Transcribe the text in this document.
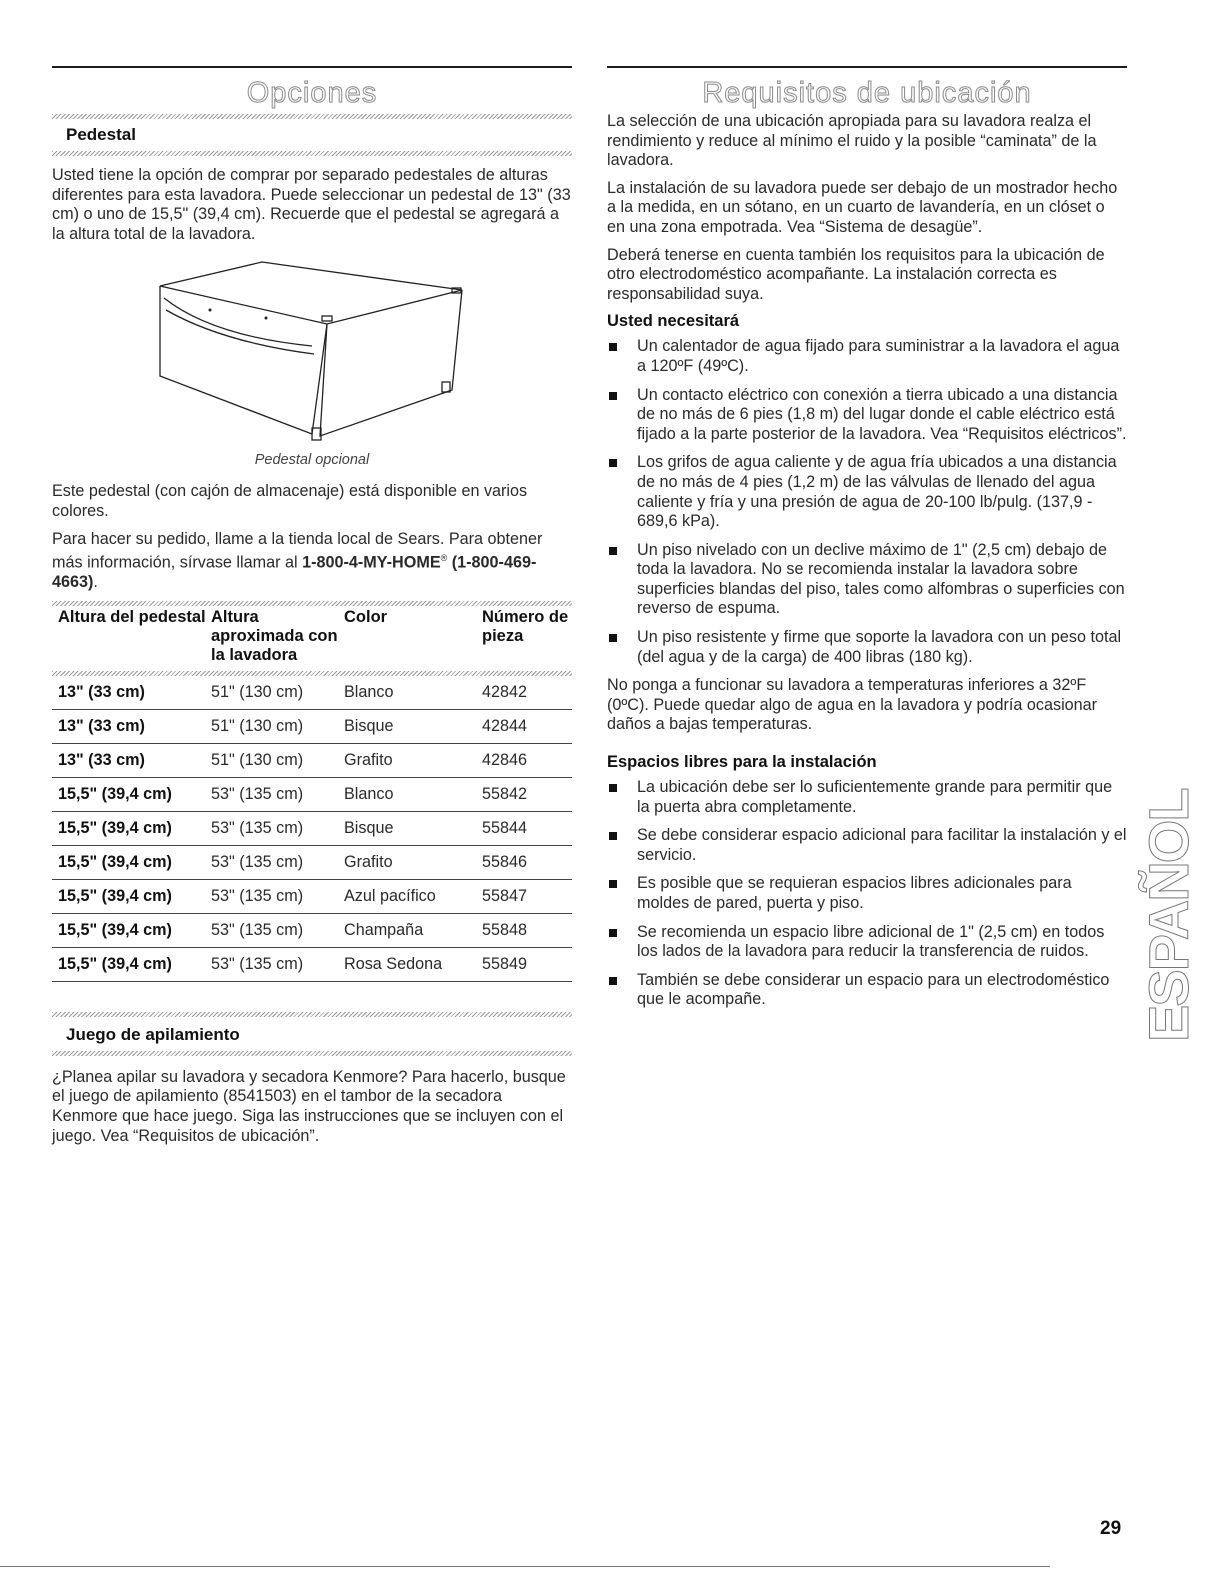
Opciones
Pedestal

Usted tiene la opción de comprar por separado pedestales de alturas diferentes para esta lavadora. Puede seleccionar un pedestal de 13" (33 cm) o uno de 15,5" (39,4 cm). Recuerde que el pedestal se agregará a la altura total de la lavadora.

Pedestal opcional

Este pedestal (con cajón de almacenaje) está disponible en varios colores.

Para hacer su pedido, llame a la tienda local de Sears. Para obtener más información, sírvase llamar al 1-800-4-MY-HOME® (1-800-469-4663).

Altura del pedestal	Altura aproximada con la lavadora	Color	Número de pieza

13" (33 cm)	51" (130 cm)	Blanco	42842
13" (33 cm)	51" (130 cm)	Bisque	42844
13" (33 cm)	51" (130 cm)	Grafito	42846
15,5" (39,4 cm)	53" (135 cm)	Blanco	55842
15,5" (39,4 cm)	53" (135 cm)	Bisque	55844
15,5" (39,4 cm)	53" (135 cm)	Grafito	55846
15,5" (39,4 cm)	53" (135 cm)	Azul pacífico	55847
15,5" (39,4 cm)	53" (135 cm)	Champaña	55848
15,5" (39,4 cm)	53" (135 cm)	Rosa Sedona	55849
Juego de apilamiento

¿Planea apilar su lavadora y secadora Kenmore? Para hacerlo, busque el juego de apilamiento (8541503) en el tambor de la secadora Kenmore que hace juego. Siga las instrucciones que se incluyen con el juego. Vea “Requisitos de ubicación”.

Requisitos de ubicación

La selección de una ubicación apropiada para su lavadora realza el rendimiento y reduce al mínimo el ruido y la posible “caminata” de la lavadora.

La instalación de su lavadora puede ser debajo de un mostrador hecho a la medida, en un sótano, en un cuarto de lavandería, en un clóset o en una zona empotrada. Vea “Sistema de desagüe”.

Deberá tenerse en cuenta también los requisitos para la ubicación de otro electrodoméstico acompañante. La instalación correcta es responsabilidad suya.

Usted necesitará
Un calentador de agua fijado para suministrar a la lavadora el agua a 120ºF (49ºC).
Un contacto eléctrico con conexión a tierra ubicado a una distancia de no más de 6 pies (1,8 m) del lugar donde el cable eléctrico está fijado a la parte posterior de la lavadora. Vea “Requisitos eléctricos”.
Los grifos de agua caliente y de agua fría ubicados a una distancia de no más de 4 pies (1,2 m) de las válvulas de llenado del agua caliente y fría y una presión de agua de 20-100 lb/pulg. (137,9 - 689,6 kPa).
Un piso nivelado con un declive máximo de 1" (2,5 cm) debajo de toda la lavadora. No se recomienda instalar la lavadora sobre superficies blandas del piso, tales como alfombras o superficies con reverso de espuma.
Un piso resistente y firme que soporte la lavadora con un peso total (del agua y de la carga) de 400 libras (180 kg).

No ponga a funcionar su lavadora a temperaturas inferiores a 32ºF (0ºC). Puede quedar algo de agua en la lavadora y podría ocasionar daños a bajas temperaturas.

Espacios libres para la instalación
La ubicación debe ser lo suficientemente grande para permitir que la puerta abra completamente.
Se debe considerar espacio adicional para facilitar la instalación y el servicio.
Es posible que se requieran espacios libres adicionales para moldes de pared, puerta y piso.
Se recomienda un espacio libre adicional de 1" (2,5 cm) en todos los lados de la lavadora para reducir la transferencia de ruidos.
También se debe considerar un espacio para un electrodoméstico que le acompañe.	ESPAÑOL
29
